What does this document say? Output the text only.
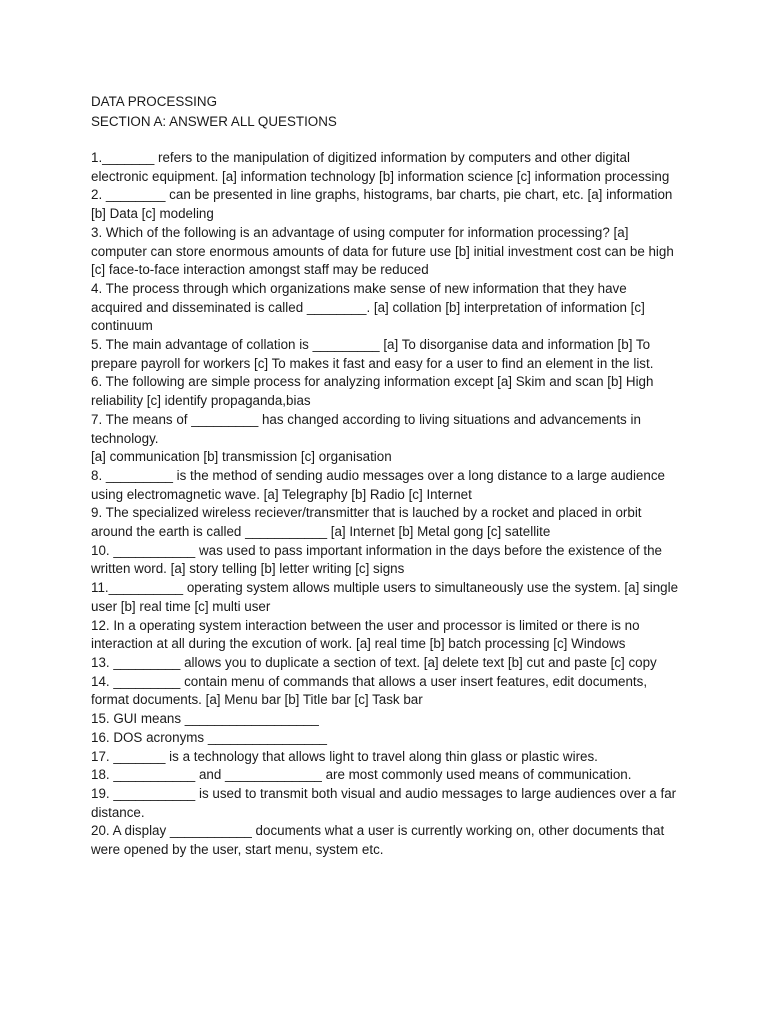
DATA PROCESSING

SECTION A: ANSWER ALL QUESTIONS

1._______ refers to the manipulation of digitized information by computers and other digital electronic equipment. [a] information technology [b] information science [c] information processing
2. ________ can be presented in line graphs, histograms, bar charts, pie chart, etc. [a] information [b] Data [c] modeling
3. Which of the following is an advantage of using computer for information processing? [a] computer can store enormous amounts of data for future use [b] initial investment cost can be high [c] face-to-face interaction amongst staff may be reduced
4. The process through which organizations make sense of new information that they have acquired and disseminated is called ________. [a] collation [b] interpretation of information [c] continuum
5. The main advantage of collation is _________ [a] To disorganise data and information [b] To prepare payroll for workers [c] To makes it fast and easy for a user to find an element in the list.
6. The following are simple process for analyzing information except [a] Skim and scan [b] High reliability [c] identify propaganda,bias
7. The means of _________ has changed according to living situations and advancements in technology.
[a] communication [b] transmission [c] organisation
8. _________ is the method of sending audio messages over a long distance to a large audience using electromagnetic wave. [a] Telegraphy [b] Radio [c] Internet
9. The specialized wireless reciever/transmitter that is lauched by a rocket and placed in orbit around the earth is called ___________ [a] Internet [b] Metal gong [c] satellite
10. ___________ was used to pass important information in the days before the existence of the written word. [a] story telling [b] letter writing [c] signs
11.__________ operating system allows multiple users to simultaneously use the system. [a] single user [b] real time [c] multi user
12. In a operating system interaction between the user and processor is limited or there is no interaction at all during the excution of work. [a] real time [b] batch processing [c] Windows
13. _________ allows you to duplicate a section of text. [a] delete text [b] cut and paste [c] copy
14. _________ contain menu of commands that allows a user insert features, edit documents, format documents. [a] Menu bar [b] Title bar [c] Task bar
15. GUI means __________________
16. DOS acronyms ________________
17. _______ is a technology that allows light to travel along thin glass or plastic wires.
18. ___________ and _____________ are most commonly used means of communication.
19. ___________ is used to transmit both visual and audio messages to large audiences over a far distance.
20. A display ___________ documents what a user is currently working on, other documents that were opened by the user, start menu, system etc.
